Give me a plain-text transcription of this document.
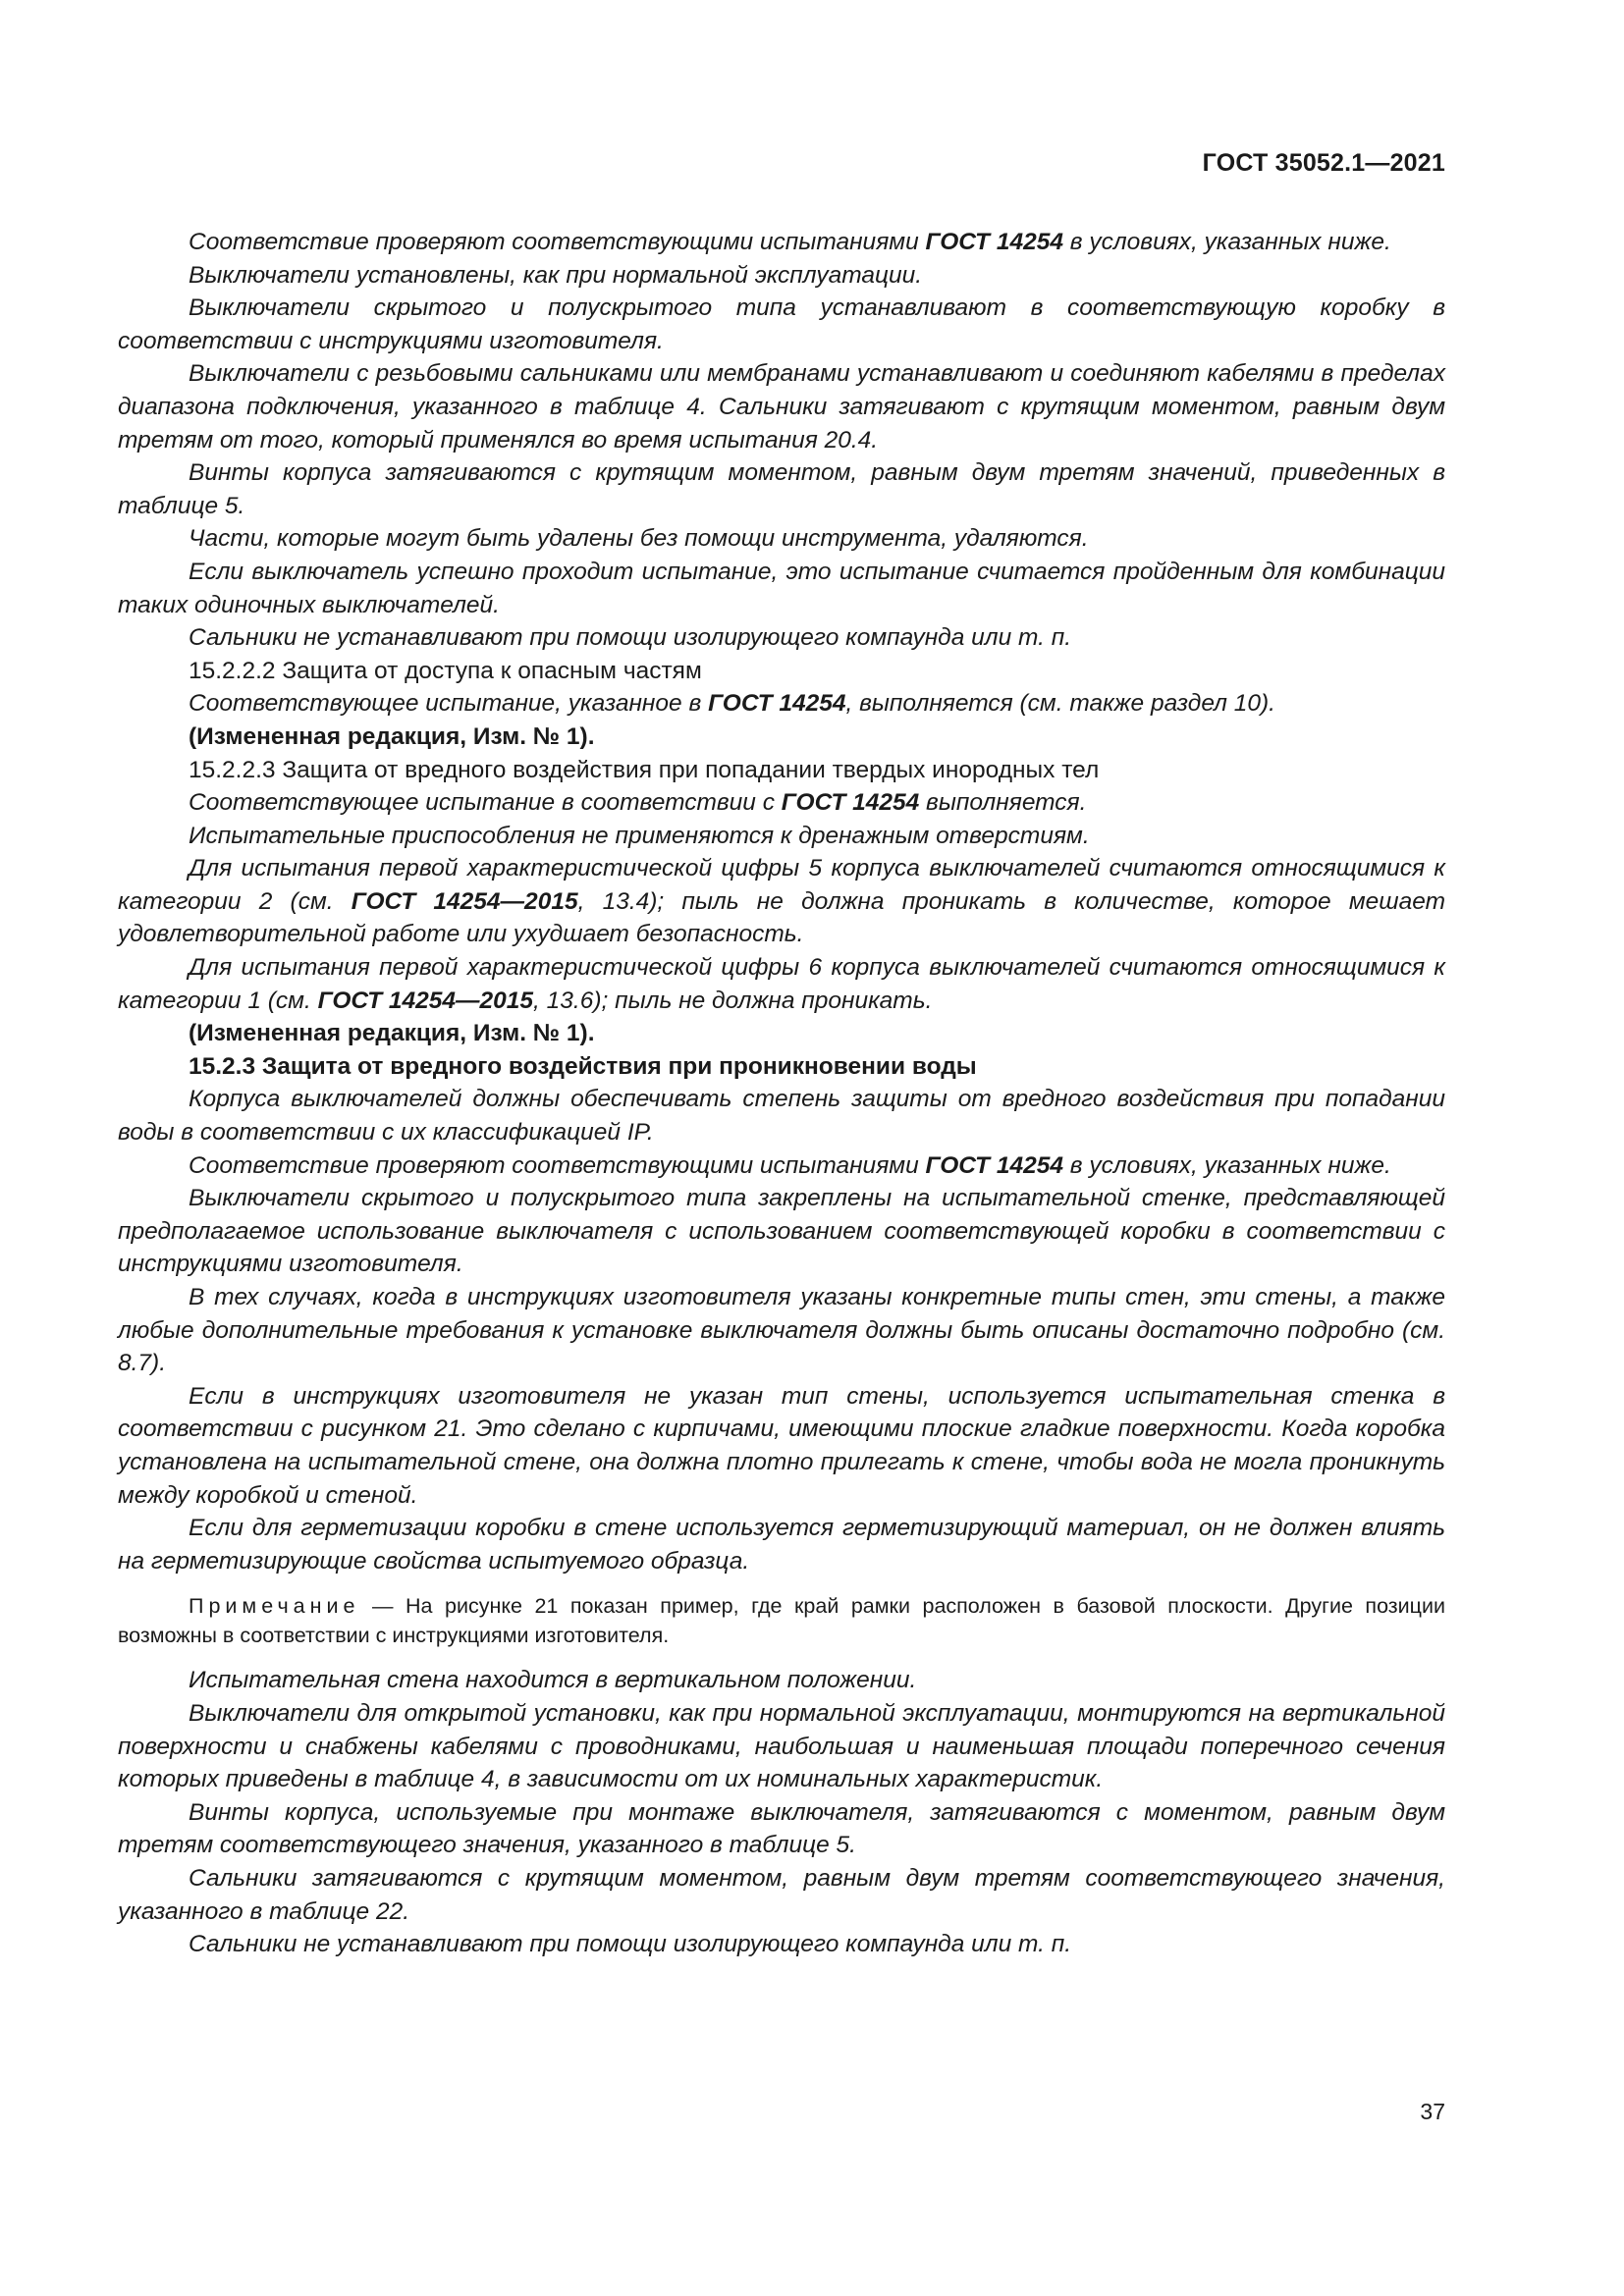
ГОСТ 35052.1—2021

Соответствие проверяют соответствующими испытаниями ГОСТ 14254 в условиях, указанных ниже.

Выключатели установлены, как при нормальной эксплуатации.

Выключатели скрытого и полускрытого типа устанавливают в соответствующую коробку в соответствии с инструкциями изготовителя.

Выключатели с резьбовыми сальниками или мембранами устанавливают и соединяют кабелями в пределах диапазона подключения, указанного в таблице 4. Сальники затягивают с крутящим моментом, равным двум третям от того, который применялся во время испытания 20.4.

Винты корпуса затягиваются с крутящим моментом, равным двум третям значений, приведенных в таблице 5.

Части, которые могут быть удалены без помощи инструмента, удаляются.

Если выключатель успешно проходит испытание, это испытание считается пройденным для комбинации таких одиночных выключателей.

Сальники не устанавливают при помощи изолирующего компаунда или т. п.

15.2.2.2 Защита от доступа к опасным частям

Соответствующее испытание, указанное в ГОСТ 14254, выполняется (см. также раздел 10).

(Измененная редакция, Изм. № 1).

15.2.2.3 Защита от вредного воздействия при попадании твердых инородных тел

Соответствующее испытание в соответствии с ГОСТ 14254 выполняется.

Испытательные приспособления не применяются к дренажным отверстиям.

Для испытания первой характеристической цифры 5 корпуса выключателей считаются относящимися к категории 2 (см. ГОСТ 14254—2015, 13.4); пыль не должна проникать в количестве, которое мешает удовлетворительной работе или ухудшает безопасность.

Для испытания первой характеристической цифры 6 корпуса выключателей считаются относящимися к категории 1 (см. ГОСТ 14254—2015, 13.6); пыль не должна проникать.

(Измененная редакция, Изм. № 1).

15.2.3 Защита от вредного воздействия при проникновении воды

Корпуса выключателей должны обеспечивать степень защиты от вредного воздействия при попадании воды в соответствии с их классификацией IP.

Соответствие проверяют соответствующими испытаниями ГОСТ 14254 в условиях, указанных ниже.

Выключатели скрытого и полускрытого типа закреплены на испытательной стенке, представляющей предполагаемое использование выключателя с использованием соответствующей коробки в соответствии с инструкциями изготовителя.

В тех случаях, когда в инструкциях изготовителя указаны конкретные типы стен, эти стены, а также любые дополнительные требования к установке выключателя должны быть описаны достаточно подробно (см. 8.7).

Если в инструкциях изготовителя не указан тип стены, используется испытательная стенка в соответствии с рисунком 21. Это сделано с кирпичами, имеющими плоские гладкие поверхности. Когда коробка установлена на испытательной стене, она должна плотно прилегать к стене, чтобы вода не могла проникнуть между коробкой и стеной.

Если для герметизации коробки в стене используется герметизирующий материал, он не должен влиять на герметизирующие свойства испытуемого образца.

Примечание — На рисунке 21 показан пример, где край рамки расположен в базовой плоскости. Другие позиции возможны в соответствии с инструкциями изготовителя.

Испытательная стена находится в вертикальном положении.

Выключатели для открытой установки, как при нормальной эксплуатации, монтируются на вертикальной поверхности и снабжены кабелями с проводниками, наибольшая и наименьшая площади поперечного сечения которых приведены в таблице 4, в зависимости от их номинальных характеристик.

Винты корпуса, используемые при монтаже выключателя, затягиваются с моментом, равным двум третям соответствующего значения, указанного в таблице 5.

Сальники затягиваются с крутящим моментом, равным двум третям соответствующего значения, указанного в таблице 22.

Сальники не устанавливают при помощи изолирующего компаунда или т. п.

37
